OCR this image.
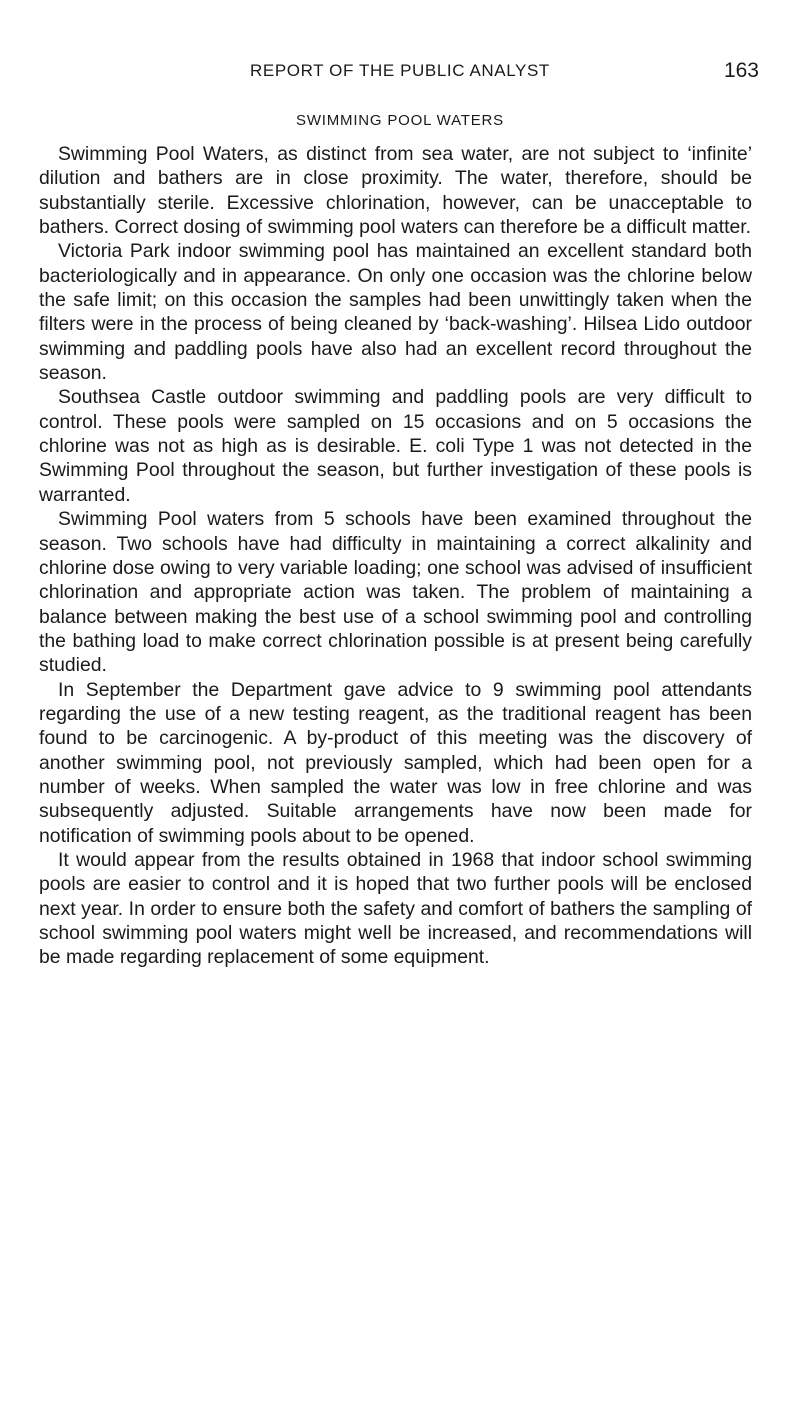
REPORT OF THE PUBLIC ANALYST	163
SWIMMING POOL WATERS

Swimming Pool Waters, as distinct from sea water, are not subject to ‘infinite’ dilution and bathers are in close proximity. The water, therefore, should be substantially sterile. Excessive chlorination, however, can be unacceptable to bathers. Correct dosing of swimming pool waters can therefore be a difficult matter.

Victoria Park indoor swimming pool has maintained an excellent standard both bacteriologically and in appearance. On only one occasion was the chlorine below the safe limit; on this occasion the samples had been unwittingly taken when the filters were in the process of being cleaned by ‘back-washing’. Hilsea Lido outdoor swimming and paddling pools have also had an excellent record throughout the season.

Southsea Castle outdoor swimming and paddling pools are very difficult to control. These pools were sampled on 15 occasions and on 5 occasions the chlorine was not as high as is desirable. E. coli Type 1 was not detected in the Swimming Pool throughout the season, but further investigation of these pools is warranted.

Swimming Pool waters from 5 schools have been examined throughout the season. Two schools have had difficulty in maintaining a correct alkalinity and chlorine dose owing to very variable loading; one school was advised of insufficient chlorination and appropriate action was taken. The problem of maintaining a balance between making the best use of a school swimming pool and controlling the bathing load to make correct chlorination possible is at present being carefully studied.

In September the Department gave advice to 9 swimming pool attendants regarding the use of a new testing reagent, as the traditional reagent has been found to be carcinogenic. A by-product of this meeting was the discovery of another swimming pool, not previously sampled, which had been open for a number of weeks. When sampled the water was low in free chlorine and was subsequently adjusted. Suitable arrangements have now been made for notification of swimming pools about to be opened.

It would appear from the results obtained in 1968 that indoor school swimming pools are easier to control and it is hoped that two further pools will be enclosed next year. In order to ensure both the safety and comfort of bathers the sampling of school swimming pool waters might well be increased, and recommendations will be made regarding replacement of some equipment.
